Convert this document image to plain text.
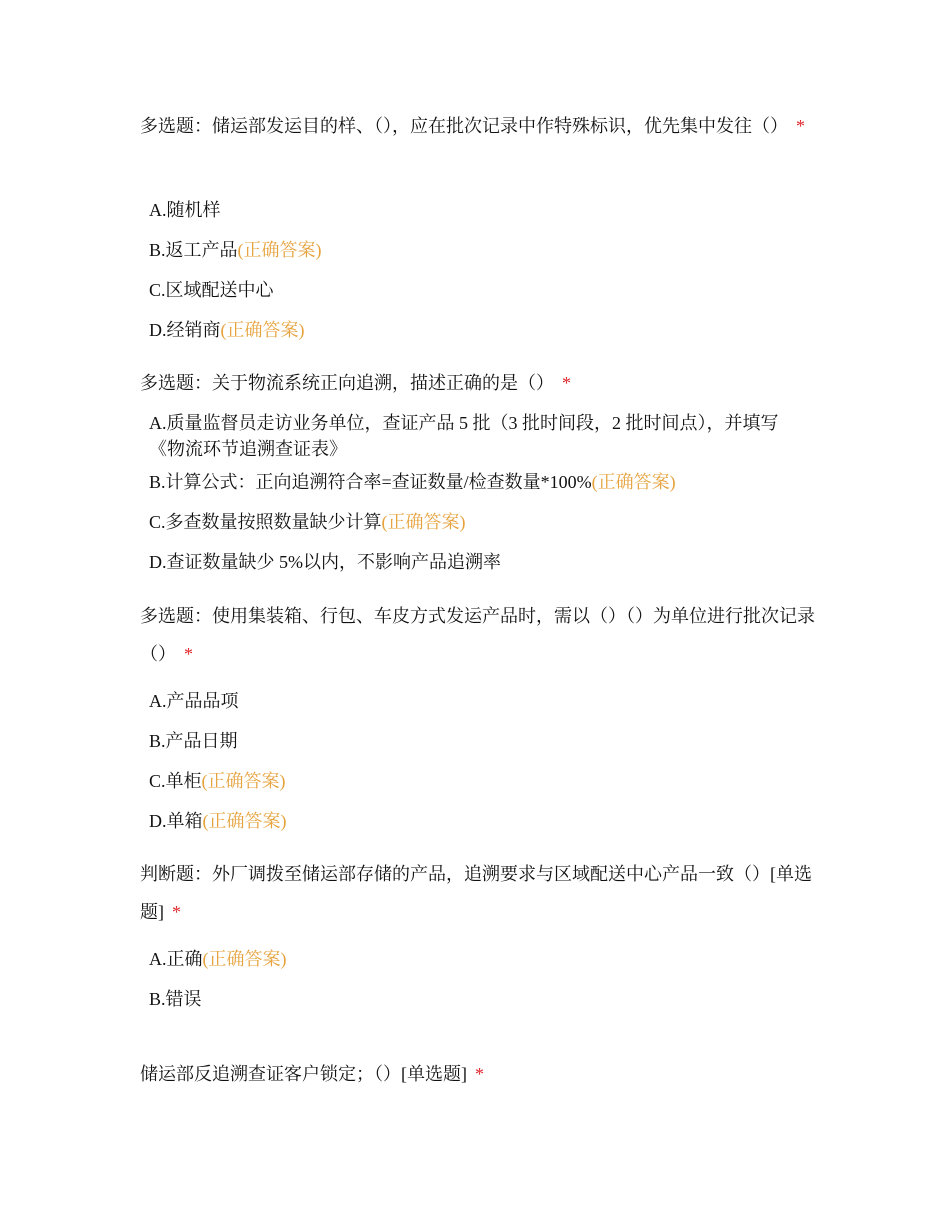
多选题：储运部发运目的样、（），应在批次记录中作特殊标识，优先集中发往（） *
A.随机样
B.返工产品(正确答案)
C.区域配送中心
D.经销商(正确答案)
多选题：关于物流系统正向追溯，描述正确的是（） *
A.质量监督员走访业务单位，查证产品 5 批（3 批时间段，2 批时间点），并填写《物流环节追溯查证表》
B.计算公式：正向追溯符合率=查证数量/检查数量*100%(正确答案)
C.多查数量按照数量缺少计算(正确答案)
D.查证数量缺少 5%以内，不影响产品追溯率
多选题：使用集装箱、行包、车皮方式发运产品时，需以（）（）为单位进行批次记录（） *
A.产品品项
B.产品日期
C.单柜(正确答案)
D.单箱(正确答案)
判断题：外厂调拨至储运部存储的产品，追溯要求与区域配送中心产品一致（）[单选题] *
A.正确(正确答案)
B.错误
储运部反追溯查证客户锁定；（）[单选题] *
